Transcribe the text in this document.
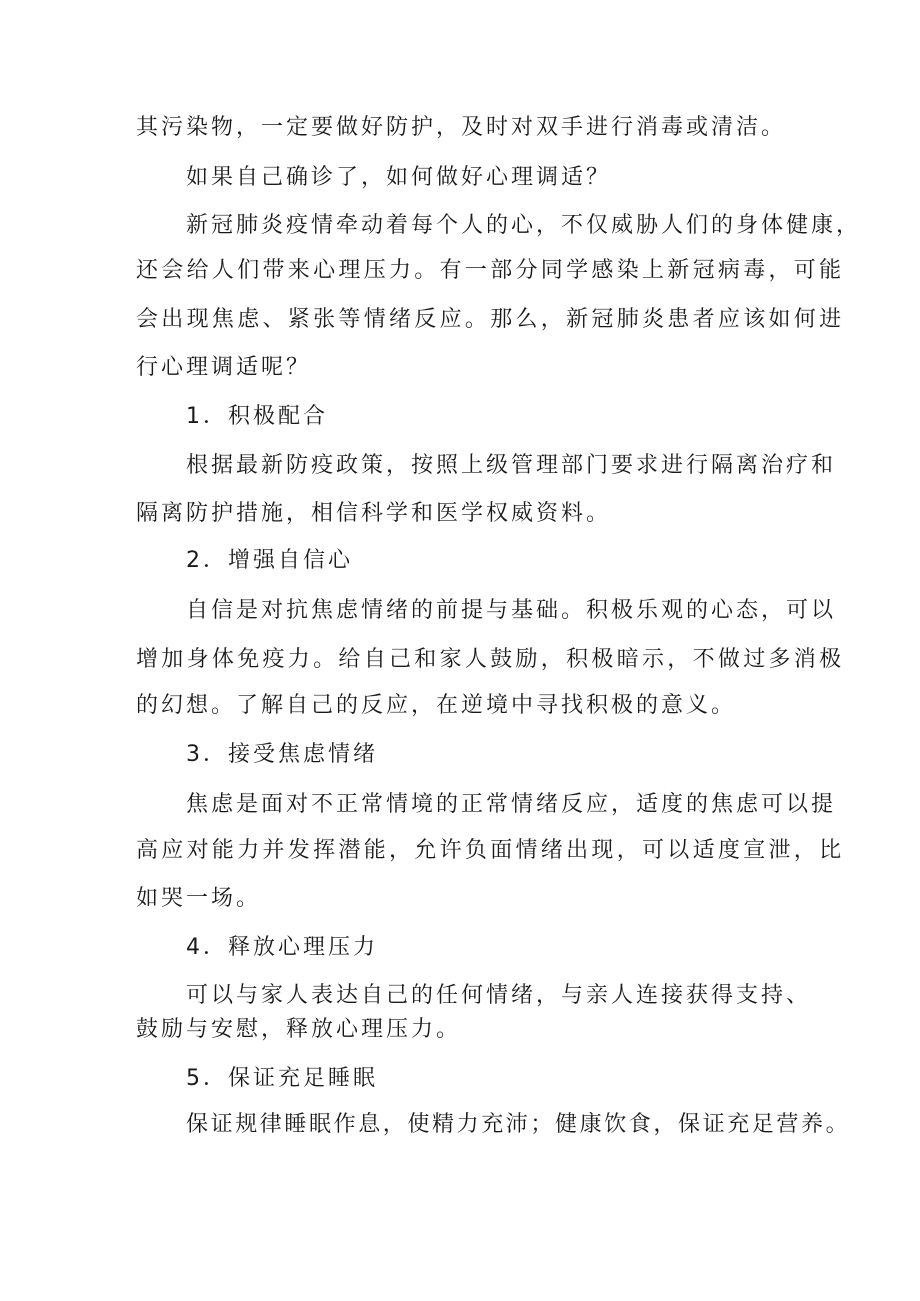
其污染物，一定要做好防护，及时对双手进行消毒或清洁。

如果自己确诊了，如何做好心理调适？

新冠肺炎疫情牵动着每个人的心，不仅威胁人们的身体健康，

还会给人们带来心理压力。有一部分同学感染上新冠病毒，可能

会出现焦虑、紧张等情绪反应。那么，新冠肺炎患者应该如何进

行心理调适呢？

1．积极配合

根据最新防疫政策，按照上级管理部门要求进行隔离治疗和

隔离防护措施，相信科学和医学权威资料。

2．增强自信心

自信是对抗焦虑情绪的前提与基础。积极乐观的心态，可以

增加身体免疫力。给自己和家人鼓励，积极暗示，不做过多消极

的幻想。了解自己的反应，在逆境中寻找积极的意义。

3．接受焦虑情绪

焦虑是面对不正常情境的正常情绪反应，适度的焦虑可以提

高应对能力并发挥潜能，允许负面情绪出现，可以适度宣泄，比

如哭一场。

4．释放心理压力

可以与家人表达自己的任何情绪，与亲人连接获得支持、

鼓励与安慰，释放心理压力。

5．保证充足睡眠

保证规律睡眠作息，使精力充沛；健康饮食，保证充足营养。
